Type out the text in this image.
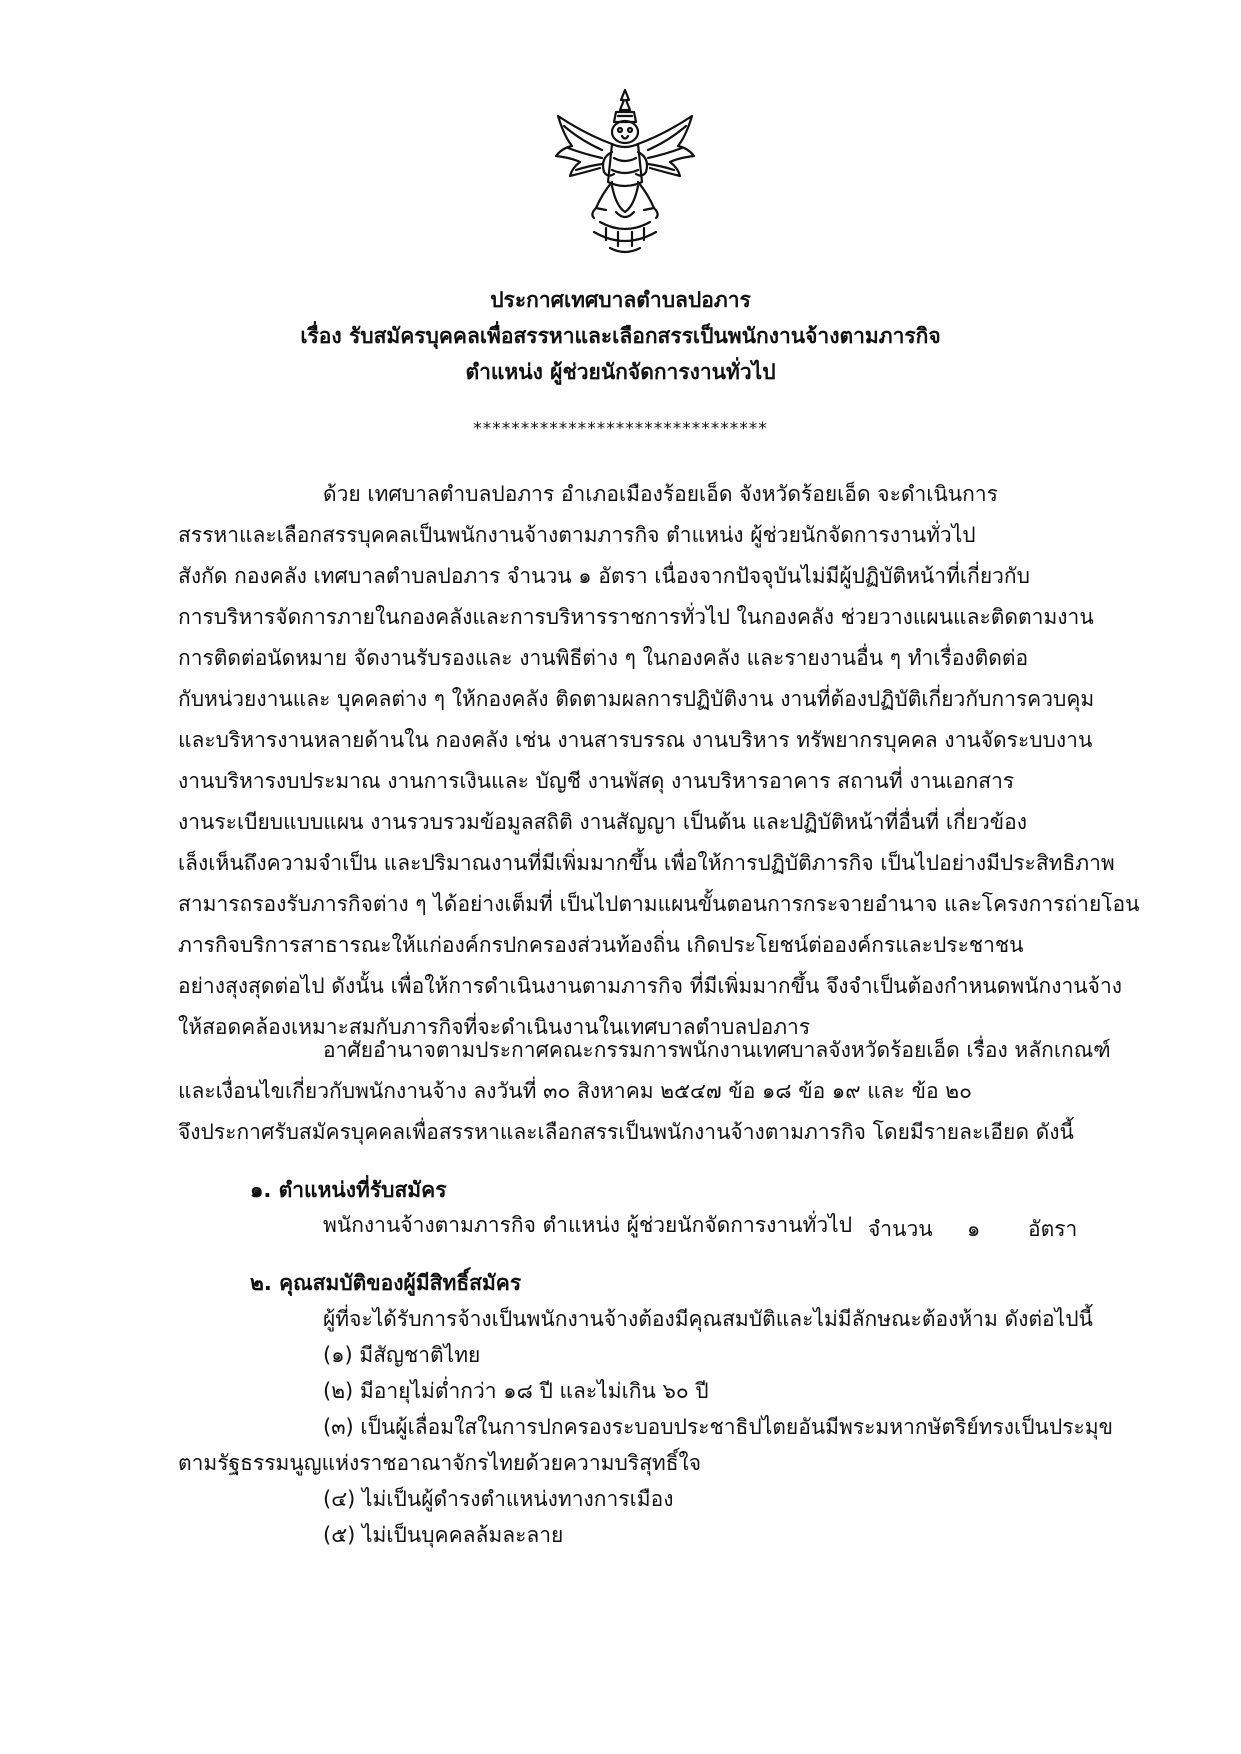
ประกาศเทศบาลตำบลปอภาร
เรื่อง รับสมัครบุคคลเพื่อสรรหาและเลือกสรรเป็นพนักงานจ้างตามภารกิจ
ตำแหน่ง ผู้ช่วยนักจัดการงานทั่วไป
*******************************
ด้วย เทศบาลตำบลปอภาร อำเภอเมืองร้อยเอ็ด จังหวัดร้อยเอ็ด จะดำเนินการ
สรรหาและเลือกสรรบุคคลเป็นพนักงานจ้างตามภารกิจ ตำแหน่ง ผู้ช่วยนักจัดการงานทั่วไป
สังกัด กองคลัง เทศบาลตำบลปอภาร จำนวน ๑ อัตรา เนื่องจากปัจจุบันไม่มีผู้ปฏิบัติหน้าที่เกี่ยวกับ
การบริหารจัดการภายในกองคลังและการบริหารราชการทั่วไป ในกองคลัง ช่วยวางแผนและติดตามงาน
การติดต่อนัดหมาย จัดงานรับรองและ งานพิธีต่าง ๆ ในกองคลัง และรายงานอื่น ๆ ทำเรื่องติดต่อ
กับหน่วยงานและ บุคคลต่าง ๆ ให้กองคลัง ติดตามผลการปฏิบัติงาน งานที่ต้องปฏิบัติเกี่ยวกับการควบคุม
และบริหารงานหลายด้านใน กองคลัง เช่น งานสารบรรณ งานบริหาร ทรัพยากรบุคคล งานจัดระบบงาน
งานบริหารงบประมาณ งานการเงินและ บัญชี งานพัสดุ งานบริหารอาคาร สถานที่ งานเอกสาร
งานระเบียบแบบแผน งานรวบรวมข้อมูลสถิติ งานสัญญา เป็นต้น และปฏิบัติหน้าที่อื่นที่ เกี่ยวข้อง
เล็งเห็นถึงความจำเป็น และปริมาณงานที่มีเพิ่มมากขึ้น เพื่อให้การปฏิบัติภารกิจ เป็นไปอย่างมีประสิทธิภาพ
สามารถรองรับภารกิจต่าง ๆ ได้อย่างเต็มที่ เป็นไปตามแผนขั้นตอนการกระจายอำนาจ และโครงการถ่ายโอน
ภารกิจบริการสาธารณะให้แก่องค์กรปกครองส่วนท้องถิ่น เกิดประโยชน์ต่อองค์กรและประชาชน
อย่างสุงสุดต่อไป ดังนั้น เพื่อให้การดำเนินงานตามภารกิจ ที่มีเพิ่มมากขึ้น จึงจำเป็นต้องกำหนดพนักงานจ้าง
ให้สอดคล้องเหมาะสมกับภารกิจที่จะดำเนินงานในเทศบาลตำบลปอภาร
อาศัยอำนาจตามประกาศคณะกรรมการพนักงานเทศบาลจังหวัดร้อยเอ็ด เรื่อง หลักเกณฑ์
และเงื่อนไขเกี่ยวกับพนักงานจ้าง ลงวันที่ ๓๐ สิงหาคม ๒๕๔๗ ข้อ ๑๘ ข้อ ๑๙ และ ข้อ ๒๐
จึงประกาศรับสมัครบุคคลเพื่อสรรหาและเลือกสรรเป็นพนักงานจ้างตามภารกิจ โดยมีรายละเอียด ดังนี้
๑. ตำแหน่งที่รับสมัคร
พนักงานจ้างตามภารกิจ ตำแหน่ง ผู้ช่วยนักจัดการงานทั่วไป จำนวน ๑ อัตรา
๒. คุณสมบัติของผู้มีสิทธิ์สมัคร
ผู้ที่จะได้รับการจ้างเป็นพนักงานจ้างต้องมีคุณสมบัติและไม่มีลักษณะต้องห้าม ดังต่อไปนี้
(๑) มีสัญชาติไทย
(๒) มีอายุไม่ต่ำกว่า ๑๘ ปี และไม่เกิน ๖๐ ปี
(๓) เป็นผู้เลื่อมใสในการปกครองระบอบประชาธิปไตยอันมีพระมหากษัตริย์ทรงเป็นประมุข
ตามรัฐธรรมนูญแห่งราชอาณาจักรไทยด้วยความบริสุทธิ์ใจ
(๔) ไม่เป็นผู้ดำรงตำแหน่งทางการเมือง
(๕) ไม่เป็นบุคคลล้มละลาย
